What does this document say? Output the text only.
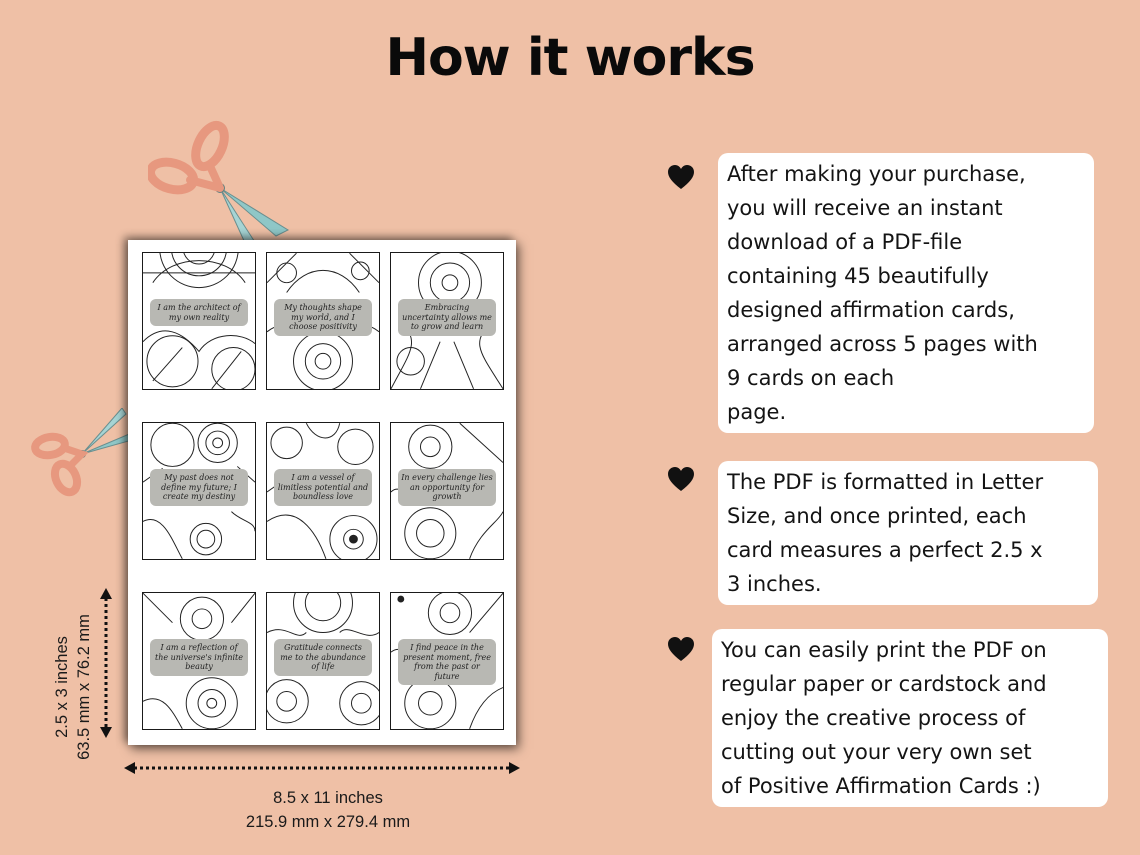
How it works
I am the architect of my own reality
My thoughts shape my world, and I choose positivity
Embracing uncertainty allows me to grow and learn
My past does not define my future; I create my destiny
I am a vessel of limitless potential and boundless love
In every challenge lies an opportunity for growth
I am a reflection of the universe's infinite beauty
Gratitude connects me to the abundance of life
I find peace in the present moment, free from the past or future
2.5 x 3 inches 63.5 mm x 76.2 mm
8.5 x 11 inches
215.9 mm x 279.4 mm
After making your purchase,
you will receive an instant
download of a PDF-file
containing 45 beautifully
designed affirmation cards,
arranged across 5 pages with
9 cards on each
page.
The PDF is formatted in Letter
Size, and once printed, each
card measures a perfect 2.5 x
3 inches.
You can easily print the PDF on
regular paper or cardstock and
enjoy the creative process of
cutting out your very own set
of Positive Affirmation Cards :)
